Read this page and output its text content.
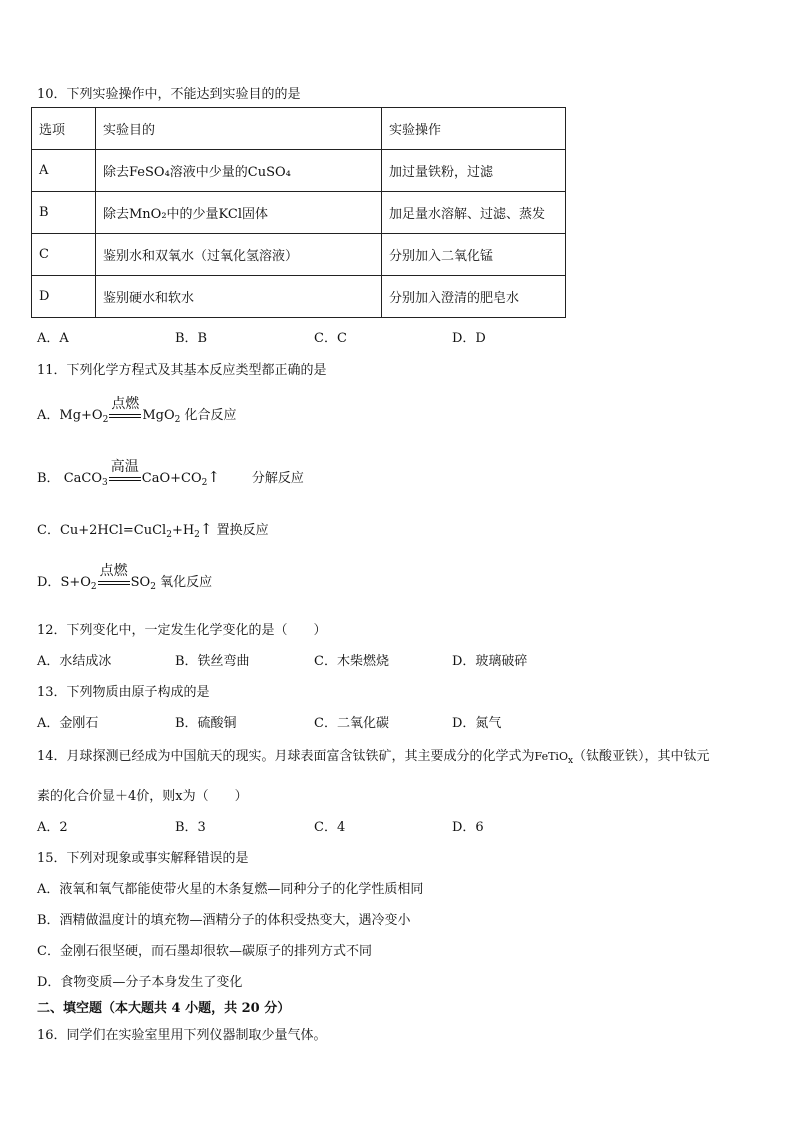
10．下列实验操作中，不能达到实验目的的是
选项	实验目的	实验操作
A	除去FeSO₄溶液中少量的CuSO₄	加过量铁粉，过滤
B	除去MnO₂中的少量KCl固体	加足量水溶解、过滤、蒸发
C	鉴别水和双氧水（过氧化氢溶液）	分别加入二氧化锰
D	鉴别硬水和软水	分别加入澄清的肥皂水
A．A	B．B	C．C	D．D
11．下列化学方程式及其基本反应类型都正确的是
A．$Mg+O_2$
点燃
MgO$_2$ 化合反应
B． CaCO$_3$
高温
$CaO+CO_2↑$ 分解反应
C．$Cu+2HCl=CuCl_2+H_2↑$ 置换反应
D．$S+O_2$
点燃
$SO_2$ 氧化反应
12．下列变化中，一定发生化学变化的是（　　）
A．水结成冰	B．铁丝弯曲	C．木柴燃烧	D．玻璃破碎
13．下列物质由原子构成的是
A．金刚石	B．硫酸铜	C．二氧化碳	D．氮气
14．月球探测已经成为中国航天的现实。月球表面富含钛铁矿，其主要成分的化学式为FeTiO$_x$（钛酸亚铁），其中钛元
素的化合价显＋4价，则x为（　　）
A．2	B．3	C．4	D．6
15．下列对现象或事实解释错误的是
A．液氧和氧气都能使带火星的木条复燃—同种分子的化学性质相同
B．酒精做温度计的填充物—酒精分子的体积受热变大，遇冷变小
C．金刚石很坚硬，而石墨却很软—碳原子的排列方式不同
D．食物变质—分子本身发生了变化
二、填空题（本大题共 4 小题，共 20 分）
16．同学们在实验室里用下列仪器制取少量气体。
